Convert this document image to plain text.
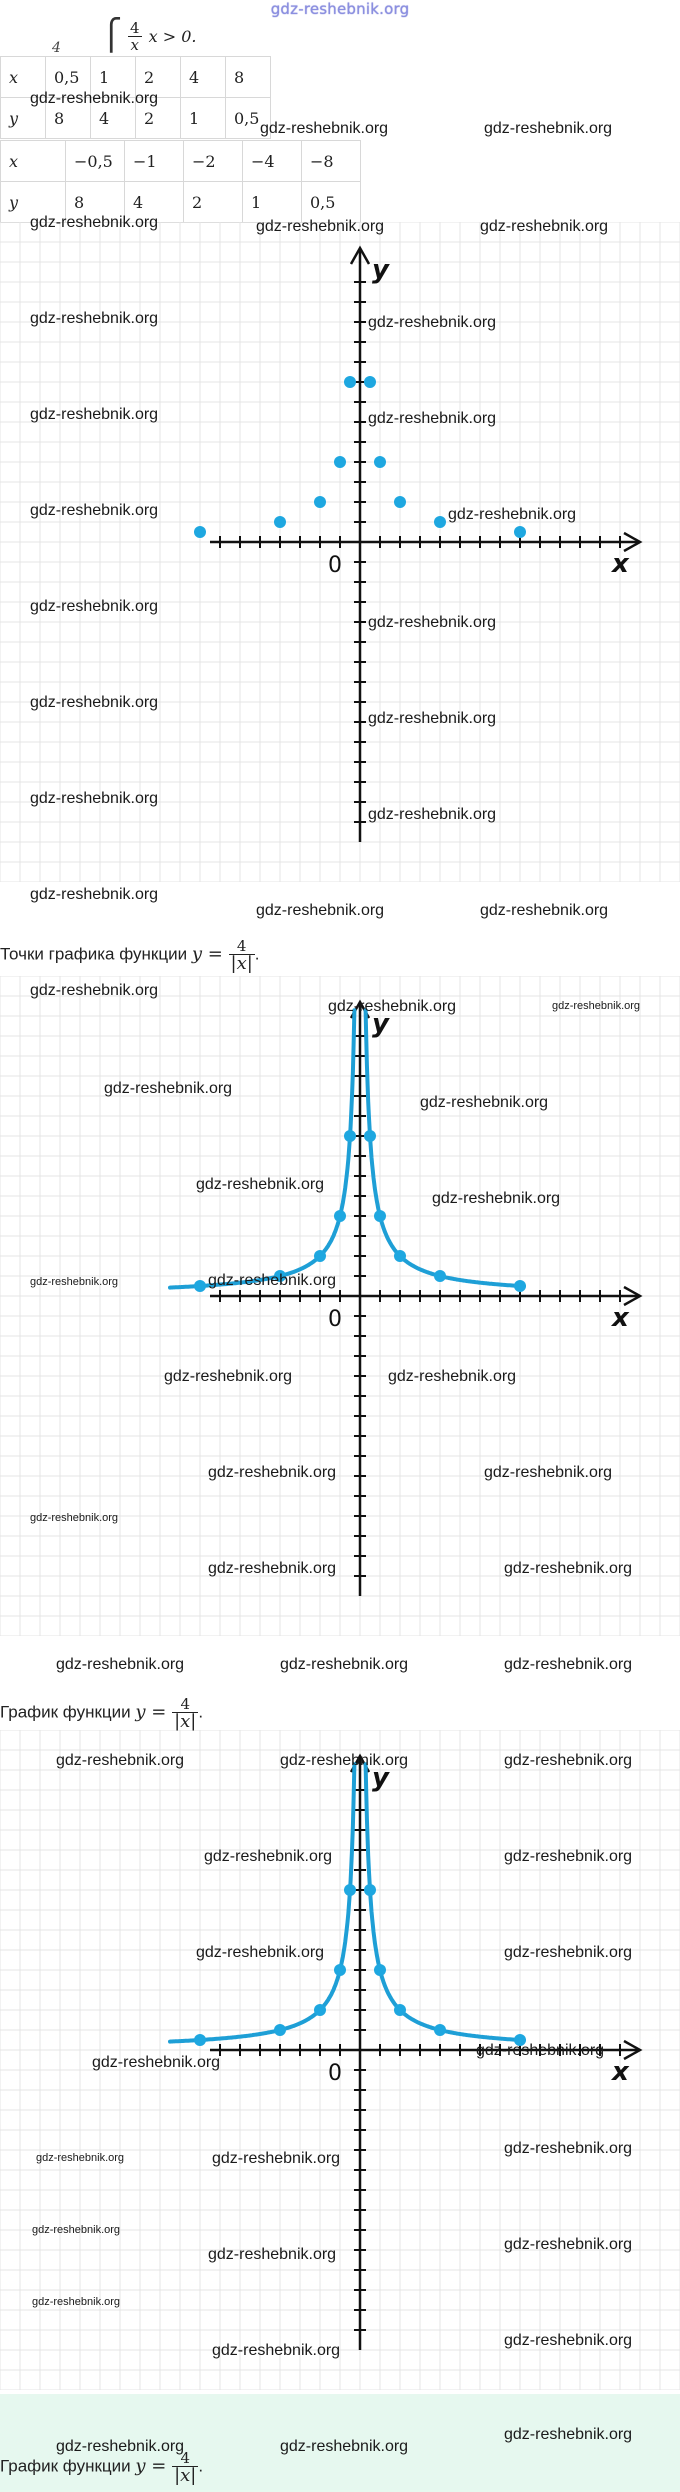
gdz-reshebnik.org
4 ⎧ $\frac{4}{x}$ x > 0.
x	0,5	1	2	4	8
y	8	4	2	1	0,5
x	−0,5	−1	−2	−4	−8
y	8	4	2	1	0,5
x
y
0
Точки графика функции $y = \frac{4}{|x|}$ .
x
y
0
График функции $y = \frac{4}{|x|}$ .
x
y
0
График функции $y = \frac{4}{|x|}$ .
gdz-reshebnik.org
gdz-reshebnik.org	gdz-reshebnik.org
gdz-reshebnik.org	gdz-reshebnik.org	gdz-reshebnik.org
gdz-reshebnik.org	gdz-reshebnik.org
gdz-reshebnik.org	gdz-reshebnik.org
gdz-reshebnik.org	gdz-reshebnik.org
gdz-reshebnik.org
gdz-reshebnik.org
gdz-reshebnik.org
gdz-reshebnik.org
gdz-reshebnik.org
gdz-reshebnik.org
gdz-reshebnik.org
gdz-reshebnik.org	gdz-reshebnik.org
gdz-reshebnik.org
gdz-reshebnik.org	gdz-reshebnik.org
gdz-reshebnik.org
gdz-reshebnik.org
gdz-reshebnik.org
gdz-reshebnik.org
gdz-reshebnik.org	gdz-reshebnik.org
gdz-reshebnik.org	gdz-reshebnik.org
gdz-reshebnik.org
gdz-reshebnik.org	gdz-reshebnik.org
gdz-reshebnik.org	gdz-reshebnik.org
gdz-reshebnik.org	gdz-reshebnik.org	gdz-reshebnik.org
gdz-reshebnik.org	gdz-reshebnik.org	gdz-reshebnik.org
gdz-reshebnik.org	gdz-reshebnik.org
gdz-reshebnik.org	gdz-reshebnik.org
gdz-reshebnik.org
gdz-reshebnik.org
gdz-reshebnik.org	gdz-reshebnik.org
gdz-reshebnik.org
gdz-reshebnik.org
gdz-reshebnik.org
gdz-reshebnik.org
gdz-reshebnik.org
gdz-reshebnik.org
gdz-reshebnik.org
gdz-reshebnik.org	gdz-reshebnik.org
gdz-reshebnik.org
